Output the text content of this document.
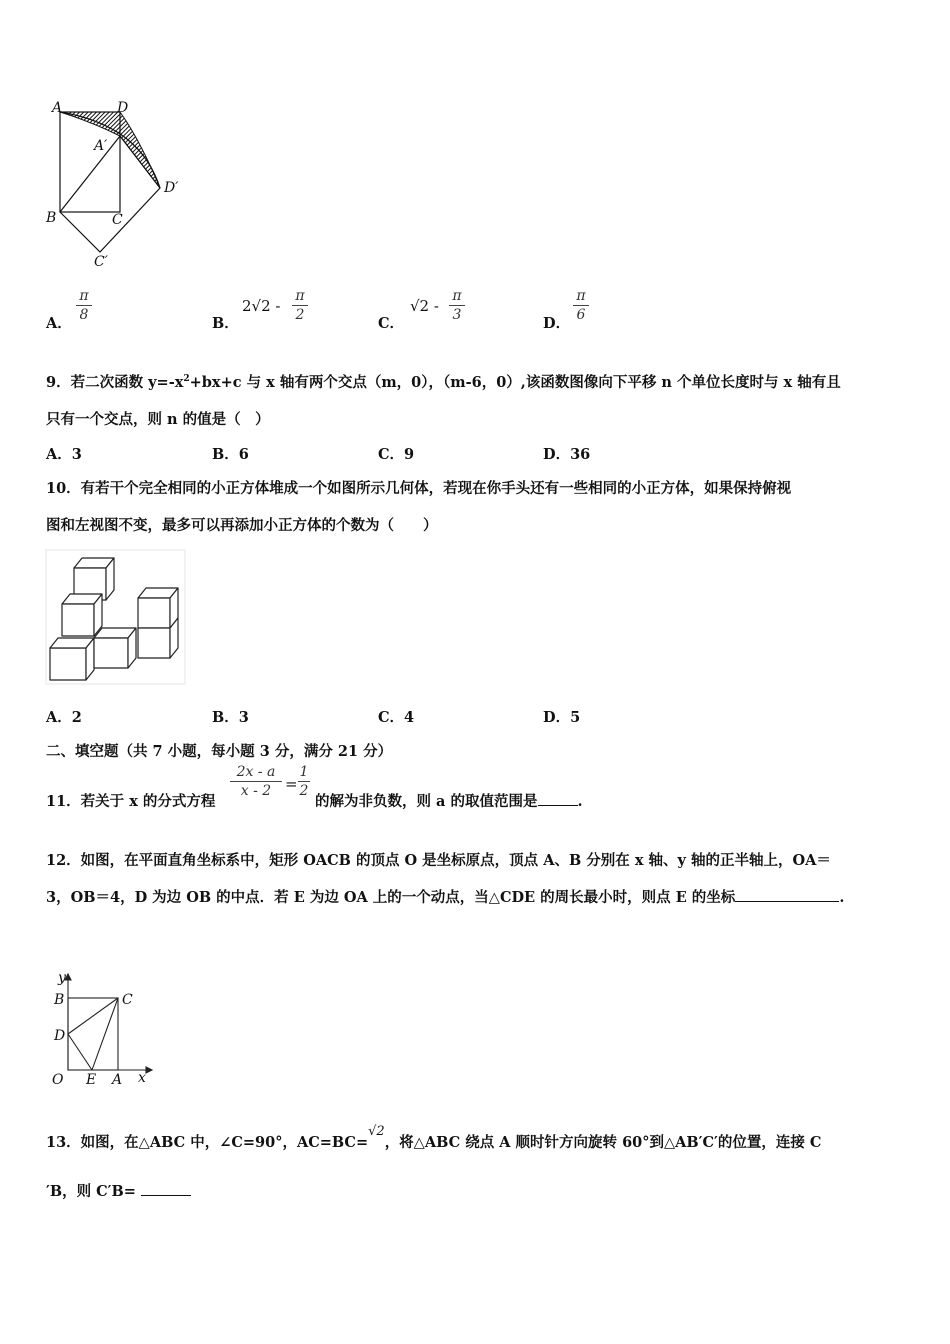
A	D
A′
D′
B	C
C′
A．
π
8	B．
2√2 -
π
2	C．
√2 -
π
3	D．
π
6
9．若二次函数 $y=-x^2+bx+c$ 与 x 轴有两个交点（m，0），（m-6，0）,该函数图像向下平移 n 个单位长度时与 x 轴有且
只有一个交点，则 n 的值是（　）
A．3	B．6	C．9	D．36
10．有若干个完全相同的小正方体堆成一个如图所示几何体，若现在你手头还有一些相同的小正方体，如果保持俯视
图和左视图不变，最多可以再添加小正方体的个数为（　　）
A．2	B．3	C．4	D．5
二、填空题（共 7 小题，每小题 3 分，满分 21 分）
11．若关于 x 的分式方程
2x - a
x - 2 =
1
2
的解为非负数，则 a 的取值范围是	.
12．如图，在平面直角坐标系中，矩形 OACB 的顶点 O 是坐标原点，顶点 A、B 分别在 x 轴、y 轴的正半轴上，OA＝
3，OB＝4，D 为边 OB 的中点．若 E 为边 OA 上的一个动点，当△CDE 的周长最小时，则点 E 的坐标	.
y
B	C
D
O E A x
13．如图，在△ABC 中，∠C=90°，AC=BC=$^{√2}$，将△ABC 绕点 A 顺时针方向旋转 60°到△AB′C′的位置，连接 C
′B，则 C′B=
